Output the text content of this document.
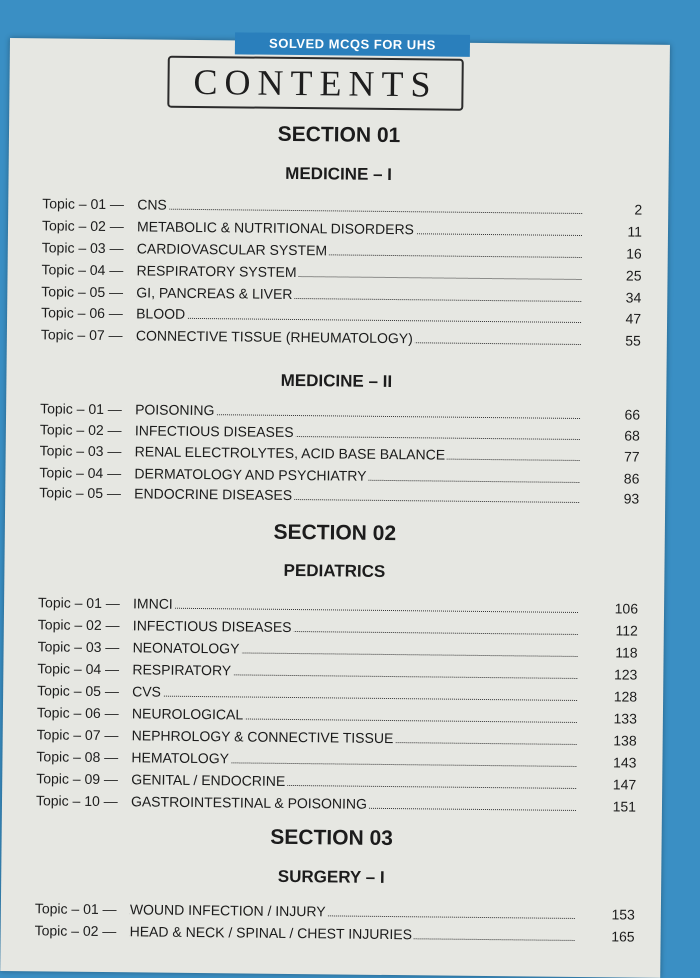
SOLVED MCQS FOR UHS
CONTENTS
SECTION 01
MEDICINE – I
Topic – 01 — CNS	2
Topic – 02 — METABOLIC & NUTRITIONAL DISORDERS	11
Topic – 03 — CARDIOVASCULAR SYSTEM	16
Topic – 04 — RESPIRATORY SYSTEM	25
Topic – 05 — GI, PANCREAS & LIVER	34
Topic – 06 — BLOOD	47
Topic – 07 — CONNECTIVE TISSUE (RHEUMATOLOGY)	55
MEDICINE – II
Topic – 01 — POISONING	66
Topic – 02 — INFECTIOUS DISEASES	68
Topic – 03 — RENAL ELECTROLYTES, ACID BASE BALANCE	77
Topic – 04 — DERMATOLOGY AND PSYCHIATRY	86
Topic – 05 — ENDOCRINE DISEASES	93
SECTION 02
PEDIATRICS
Topic – 01 — IMNCI	106
Topic – 02 — INFECTIOUS DISEASES	112
Topic – 03 — NEONATOLOGY	118
Topic – 04 — RESPIRATORY	123
Topic – 05 — CVS	128
Topic – 06 — NEUROLOGICAL	133
Topic – 07 — NEPHROLOGY & CONNECTIVE TISSUE	138
Topic – 08 — HEMATOLOGY	143
Topic – 09 — GENITAL / ENDOCRINE	147
Topic – 10 — GASTROINTESTINAL & POISONING	151
SECTION 03
SURGERY – I
Topic – 01 — WOUND INFECTION / INJURY	153
Topic – 02 — HEAD & NECK / SPINAL / CHEST INJURIES	165
